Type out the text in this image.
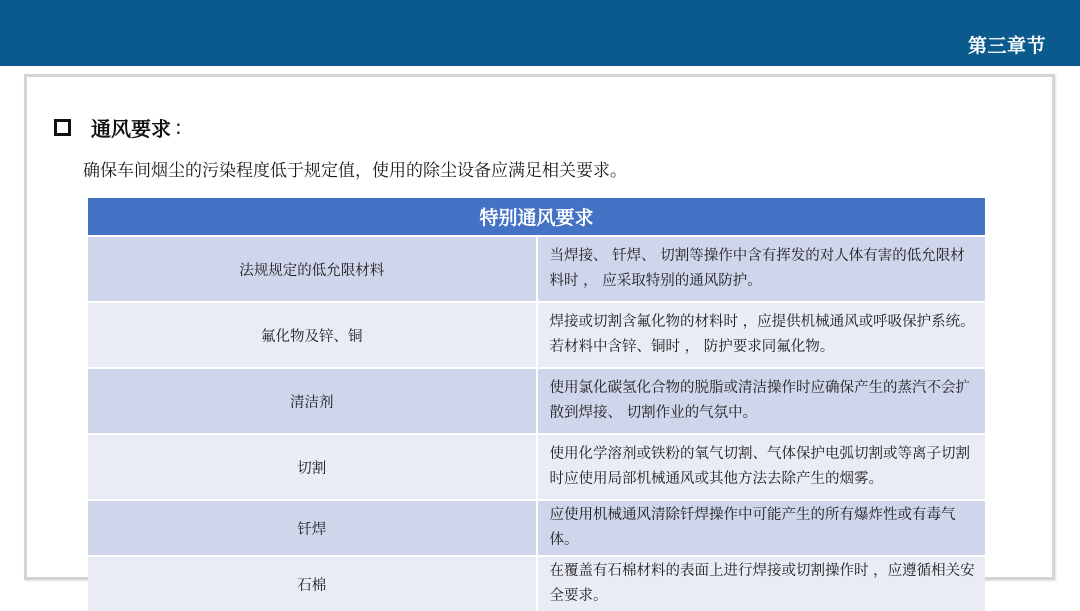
第三章节
通风要求 :
确保车间烟尘的污染程度低于规定值，使用的除尘设备应满足相关要求。
特别通风要求	
法规规定的低允限材料	当焊接、 钎焊、 切割等操作中含有挥发的对人体有害的低允限材料时 ， 应采取特别的通风防护。
氟化物及锌、铜	焊接或切割含氟化物的材料时 ，应提供机械通风或呼吸保护系统。若材料中含锌、铜时 ， 防护要求同氟化物。
清洁剂	使用氯化碳氢化合物的脱脂或清洁操作时应确保产生的蒸汽不会扩散到焊接、 切割作业的气氛中。
切割	使用化学溶剂或铁粉的氧气切割、气体保护电弧切割或等离子切割时应使用局部机械通风或其他方法去除产生的烟雾。
钎焊	应使用机械通风清除钎焊操作中可能产生的所有爆炸性或有毒气体。
石棉	在覆盖有石棉材料的表面上进行焊接或切割操作时 ，应遵循相关安全要求。
